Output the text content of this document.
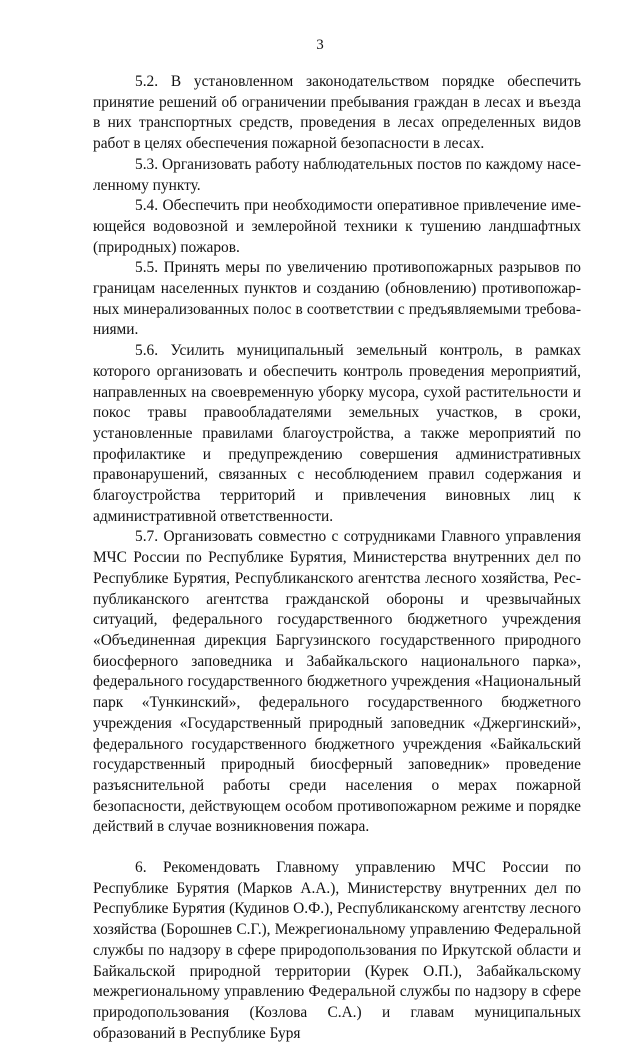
3

5.2. В установленном законодательством порядке обеспечить принятие решений об ограничении пребывания граждан в лесах и въезда в них транспортных средств, проведения в лесах определенных видов работ в целях обеспечения пожарной безопасности в лесах.

5.3. Организовать работу наблюдательных постов по каждому населенному пункту.

5.4. Обеспечить при необходимости оперативное привлечение имеющейся водовозной и землеройной техники к тушению ландшафтных (природных) пожаров.

5.5. Принять меры по увеличению противопожарных разрывов по границам населенных пунктов и созданию (обновлению) противопожарных минерализованных полос в соответствии с предъявляемыми требованиями.

5.6. Усилить муниципальный земельный контроль, в рамках которого организовать и обеспечить контроль проведения мероприятий, направленных на своевременную уборку мусора, сухой растительности и покос травы правообладателями земельных участков, в сроки, установленные правилами благоустройства, а также мероприятий по профилактике и предупреждению совершения административных правонарушений, связанных с несоблюдением правил содержания и благоустройства территорий и привлечения виновных лиц к административной ответственности.

5.7. Организовать совместно с сотрудниками Главного управления МЧС России по Республике Бурятия, Министерства внутренних дел по Республике Бурятия, Республиканского агентства лесного хозяйства, Республиканского агентства гражданской обороны и чрезвычайных ситуаций, федерального государственного бюджетного учреждения «Объединенная дирекция Баргузинского государственного природного биосферного заповедника и Забайкальского национального парка», федерального государственного бюджетного учреждения «Национальный парк «Тункинский», федерального государственного бюджетного учреждения «Государственный природный заповедник «Джергинский», федерального государственного бюджетного учреждения «Байкальский государственный природный биосферный заповедник» проведение разъяснительной работы среди населения о мерах пожарной безопасности, действующем особом противопожарном режиме и порядке действий в случае возникновения пожара.

6. Рекомендовать Главному управлению МЧС России по Республике Бурятия (Марков А.А.), Министерству внутренних дел по Республике Бурятия (Кудинов О.Ф.), Республиканскому агентству лесного хозяйства (Борошнев С.Г.), Межрегиональному управлению Федеральной службы по надзору в сфере природопользования по Иркутской области и Байкальской природной территории (Курек О.П.), Забайкальскому межрегиональному управлению Федеральной службы по надзору в сфере природопользования (Козлова С.А.) и главам муниципальных образований в Республике Буря
